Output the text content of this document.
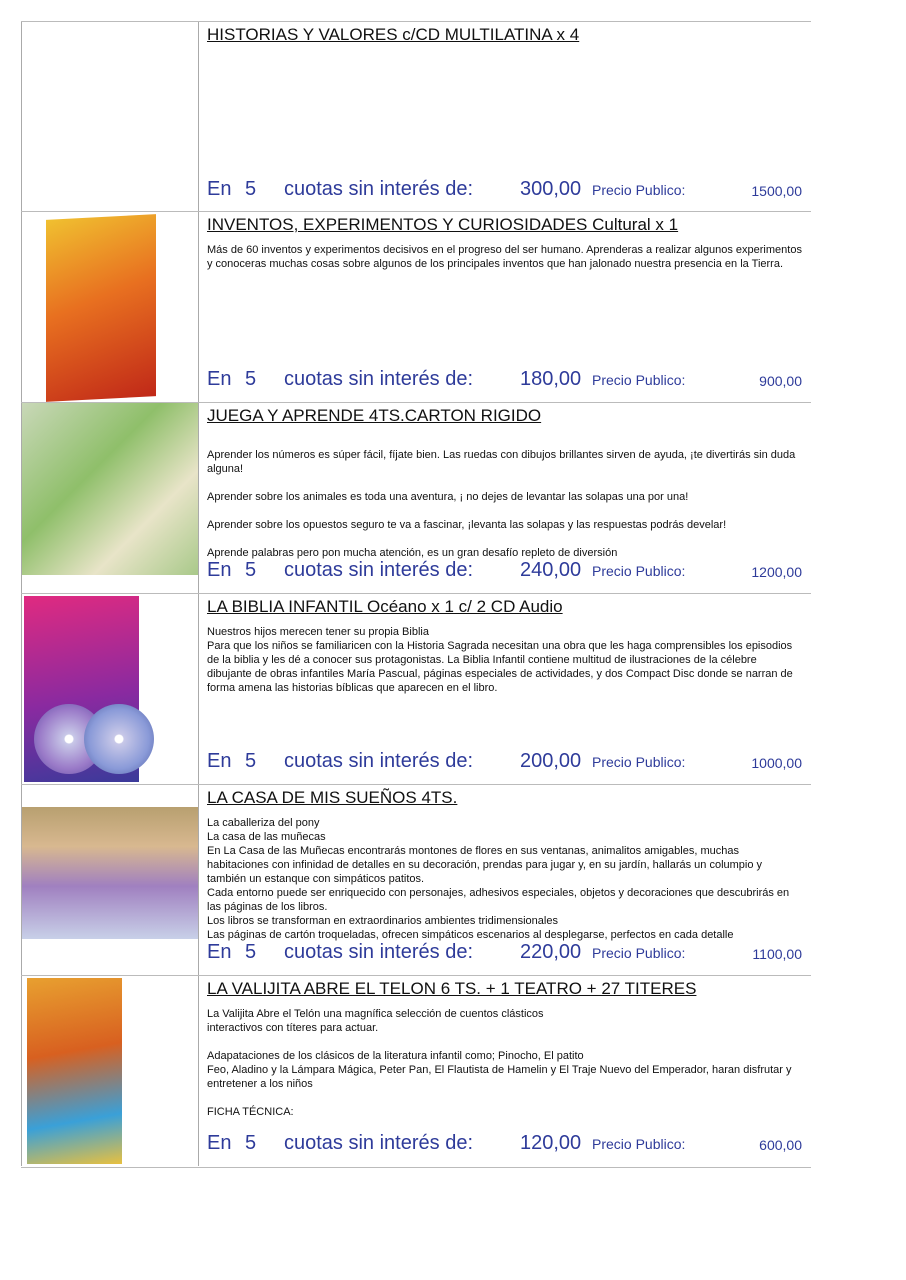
HISTORIAS Y VALORES c/CD MULTILATINA x 4
En 5 cuotas sin interés de: 300,00 Precio Publico:	1500,00
INVENTOS, EXPERIMENTOS Y CURIOSIDADES Cultural x 1
Más de 60 inventos y experimentos decisivos en el progreso del ser humano. Aprenderas a realizar algunos experimentos y conoceras muchas cosas sobre algunos de los principales inventos que han jalonado nuestra presencia en la Tierra.
En 5 cuotas sin interés de: 180,00 Precio Publico:	900,00
JUEGA Y APRENDE 4TS.CARTON RIGIDO

Aprender los números es súper fácil, fíjate bien. Las ruedas con dibujos brillantes sirven de ayuda, ¡te divertirás sin duda alguna!

Aprender sobre los animales es toda una aventura, ¡ no dejes de levantar las solapas una por una!

Aprender sobre los opuestos seguro te va a fascinar, ¡levanta las solapas y las respuestas podrás develar!

Aprende palabras pero pon mucha atención, es un gran desafío repleto de diversión
En 5 cuotas sin interés de: 240,00 Precio Publico:	1200,00
LA BIBLIA INFANTIL Océano x 1 c/ 2 CD Audio
Nuestros hijos merecen tener su propia Biblia
Para que los niños se familiaricen con la Historia Sagrada necesitan una obra que les haga comprensibles los episodios de la biblia y les dé a conocer sus protagonistas. La Biblia Infantil contiene multitud de ilustraciones de la célebre dibujante de obras infantiles María Pascual, páginas especiales de actividades, y dos Compact Disc donde se narran de forma amena las historias bíblicas que aparecen en el libro.
En 5 cuotas sin interés de: 200,00 Precio Publico:	1000,00
LA CASA DE MIS SUEÑOS 4TS.
La caballeriza del pony
La casa de las muñecas
En La Casa de las Muñecas encontrarás montones de flores en sus ventanas, animalitos amigables, muchas habitaciones con infinidad de detalles en su decoración, prendas para jugar y, en su jardín, hallarás un columpio y también un estanque con simpáticos patitos.
Cada entorno puede ser enriquecido con personajes, adhesivos especiales, objetos y decoraciones que descubrirás en las páginas de los libros.
Los libros se transforman en extraordinarios ambientes tridimensionales
Las páginas de cartón troqueladas, ofrecen simpáticos escenarios al desplegarse, perfectos en cada detalle
En 5 cuotas sin interés de: 220,00 Precio Publico:	1100,00
LA VALIJITA ABRE EL TELON 6 TS. + 1 TEATRO + 27 TITERES
La Valijita Abre el Telón una magnífica selección de cuentos clásticos
interactivos con títeres para actuar.

Adapataciones de los clásicos de la literatura infantil como; Pinocho, El patito
Feo, Aladino y la Lámpara Mágica, Peter Pan, El Flautista de Hamelin y El Traje Nuevo del Emperador, haran disfrutar y entretener a los niños

FICHA TÉCNICA:
En 5 cuotas sin interés de: 120,00 Precio Publico:	600,00
